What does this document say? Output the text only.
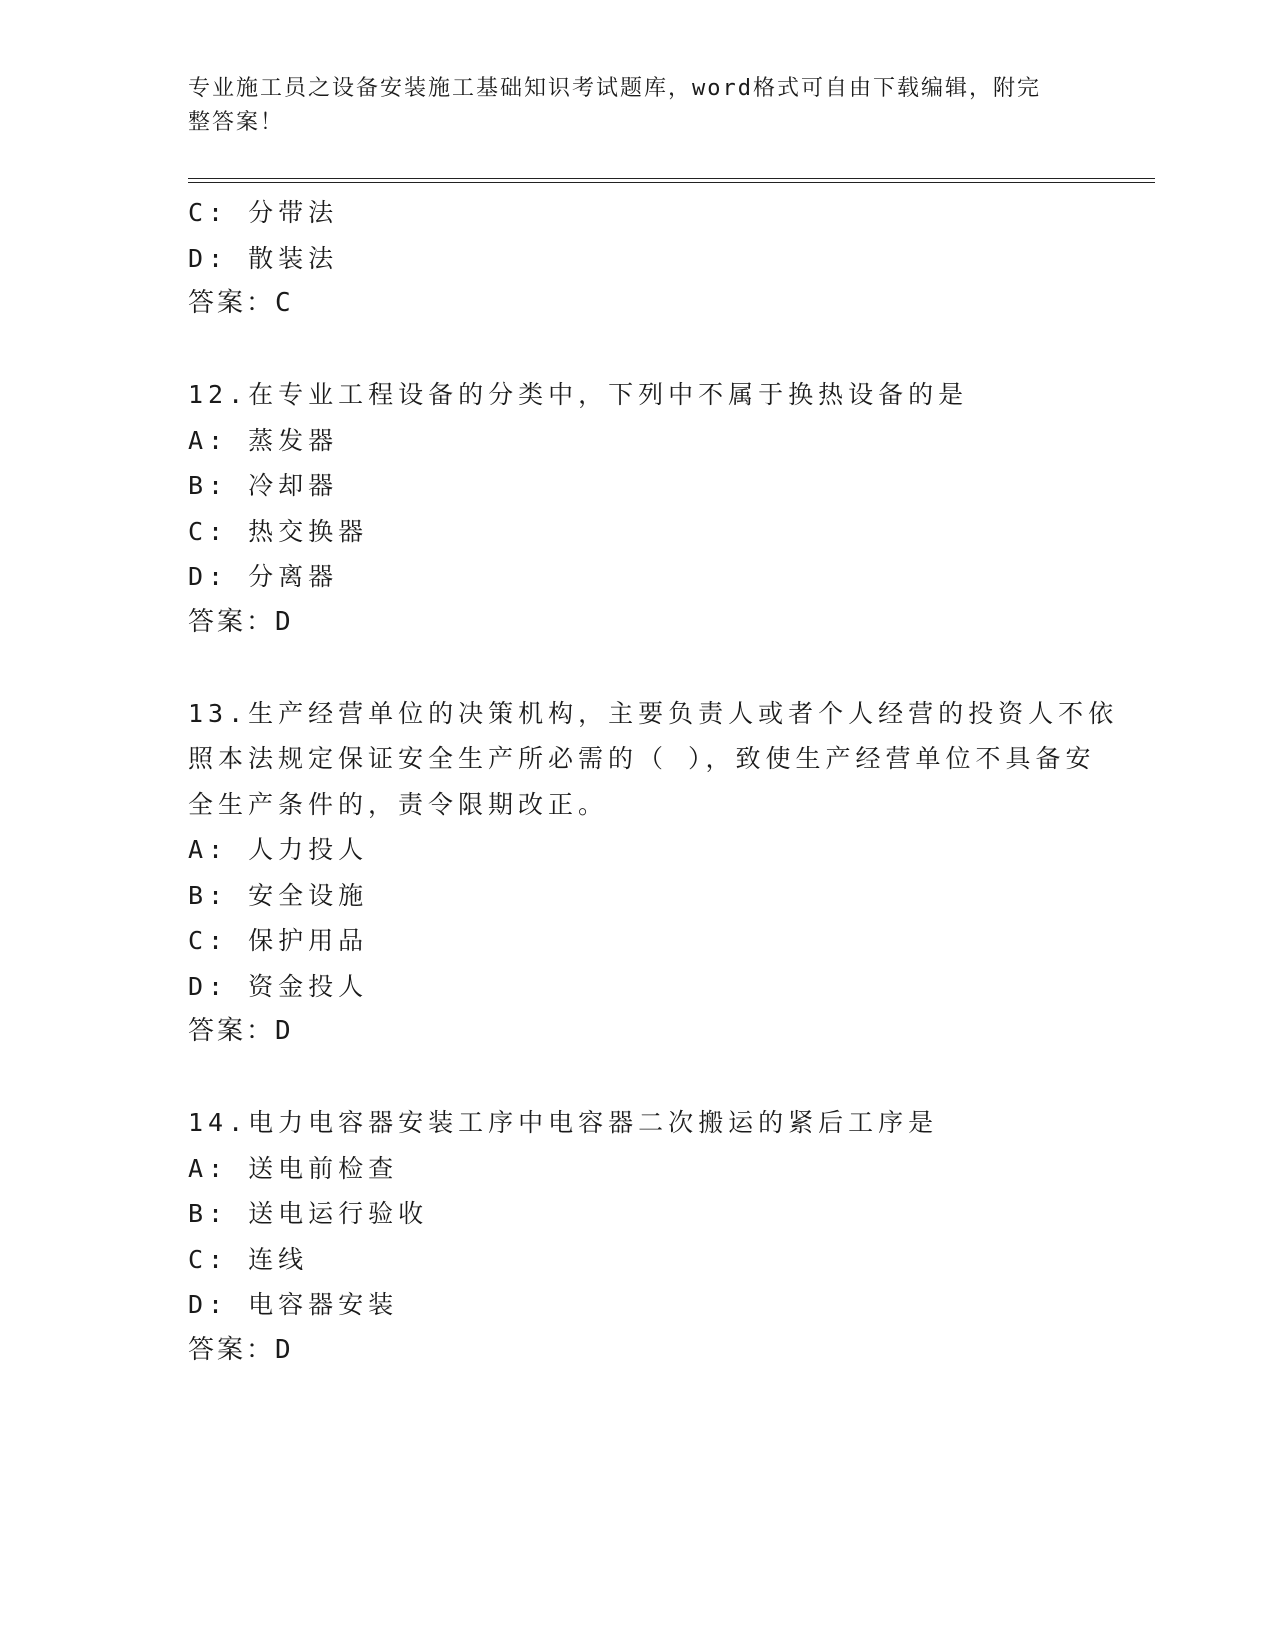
专业施工员之设备安装施工基础知识考试题库，word格式可自由下载编辑，附完
整答案！
C: 分带法
D: 散装法
答案：C
12.在专业工程设备的分类中，下列中不属于换热设备的是
A: 蒸发器
B: 冷却器
C: 热交换器
D: 分离器
答案：D
13.生产经营单位的决策机构，主要负责人或者个人经营的投资人不依
照本法规定保证安全生产所必需的（ ），致使生产经营单位不具备安
全生产条件的，责令限期改正。
A: 人力投人
B: 安全设施
C: 保护用品
D: 资金投人
答案：D
14.电力电容器安装工序中电容器二次搬运的紧后工序是
A: 送电前检查
B: 送电运行验收
C: 连线
D: 电容器安装
答案：D
